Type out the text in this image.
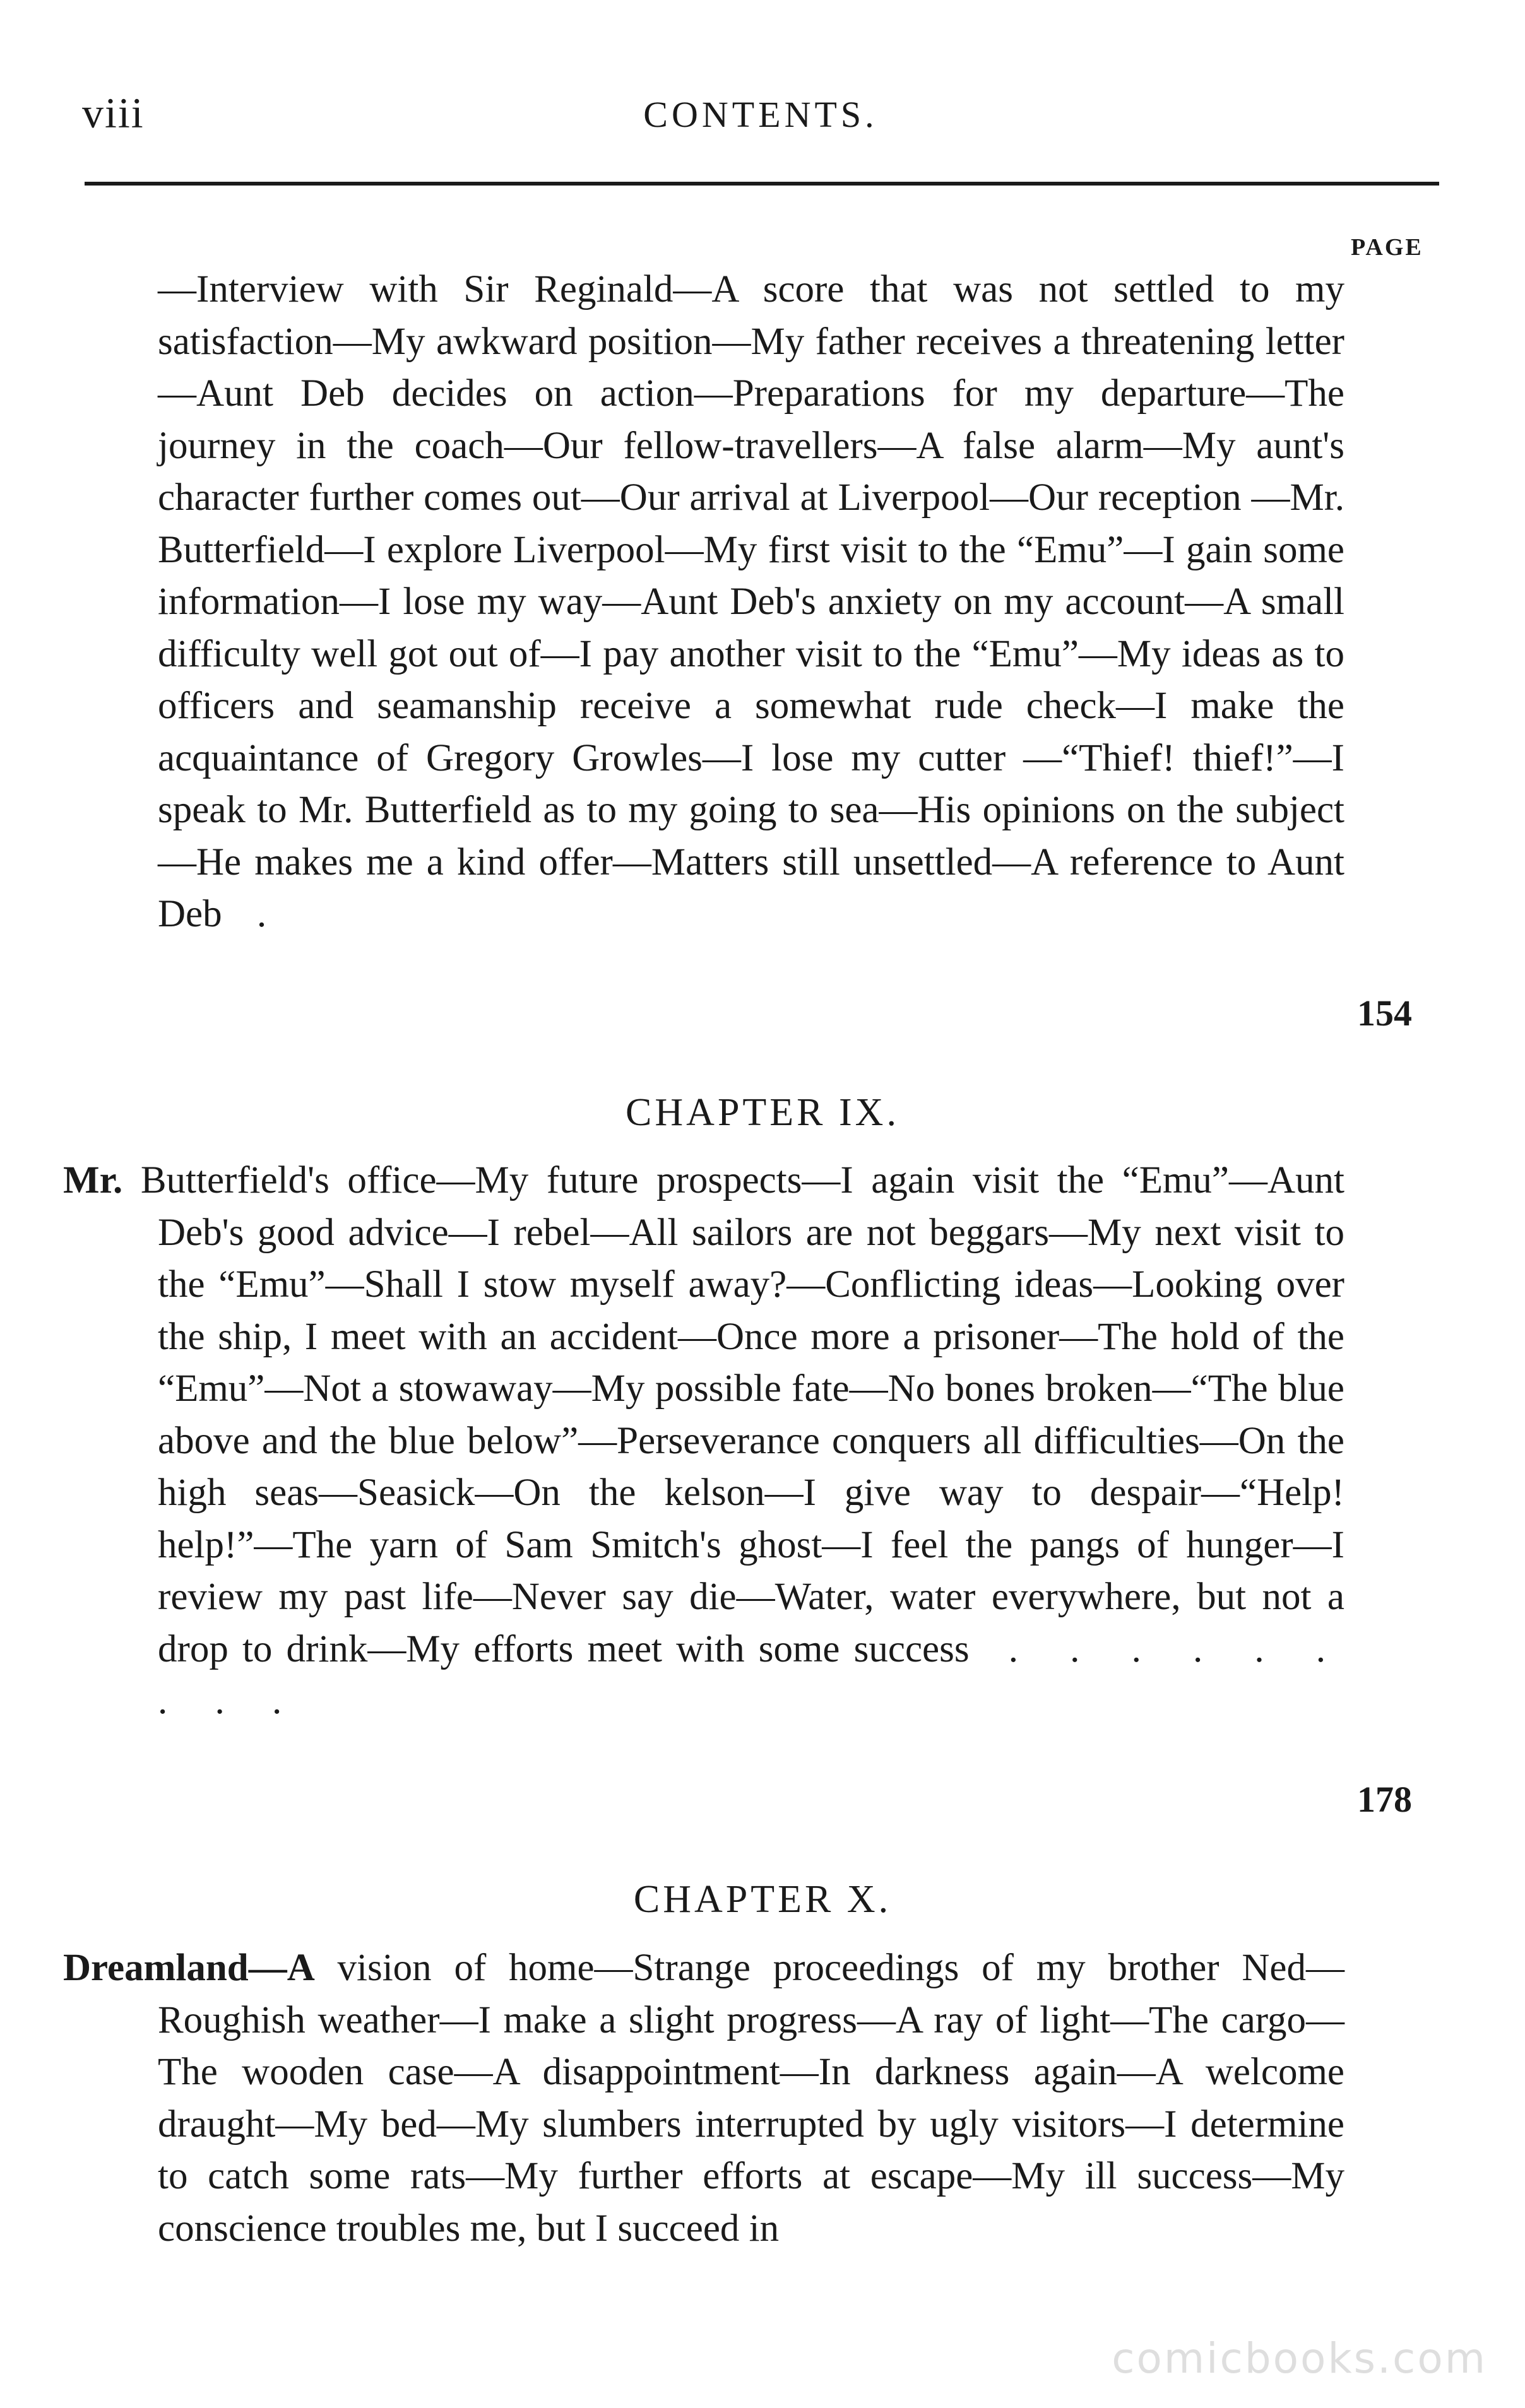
viii	CONTENTS.
PAGE

—Interview with Sir Reginald—A score that was not settled to my satisfaction—My awkward position—My father receives a threatening letter—Aunt Deb decides on action—Preparations for my departure—The journey in the coach—Our fellow-travellers—A false alarm—My aunt's character further comes out—Our arrival at Liverpool—Our reception —Mr. Butterfield—I explore Liverpool—My first visit to the “Emu”—I gain some information—I lose my way—Aunt Deb's anxiety on my account—A small difficulty well got out of—I pay another visit to the “Emu”—My ideas as to officers and seamanship receive a somewhat rude check—I make the acquaintance of Gregory Growles—I lose my cutter —“Thief! thief!”—I speak to Mr. Butterfield as to my going to sea—His opinions on the subject—He makes me a kind offer—Matters still unsettled—A reference to Aunt Deb .

154
CHAPTER IX.

Mr. Butterfield's office—My future prospects—I again visit the “Emu”—Aunt Deb's good advice—I rebel—All sailors are not beggars—My next visit to the “Emu”—Shall I stow myself away?—Conflicting ideas—Looking over the ship, I meet with an accident—Once more a prisoner—The hold of the “Emu”—Not a stowaway—My possible fate—No bones broken—“The blue above and the blue below”—Perseverance conquers all difficulties—On the high seas—Seasick—On the kelson—I give way to despair—“Help! help!”—The yarn of Sam Smitch's ghost—I feel the pangs of hunger—I review my past life—Never say die—Water, water everywhere, but not a drop to drink—My efforts meet with some success . . . . . . . . .

178
CHAPTER X.

Dreamland—A vision of home—Strange proceedings of my brother Ned—Roughish weather—I make a slight progress—A ray of light—The cargo—The wooden case—A disappointment—In darkness again—A welcome draught—My bed—My slumbers interrupted by ugly visitors—I determine to catch some rats—My further efforts at escape—My ill success—My conscience troubles me, but I succeed in

comicbooks.com
